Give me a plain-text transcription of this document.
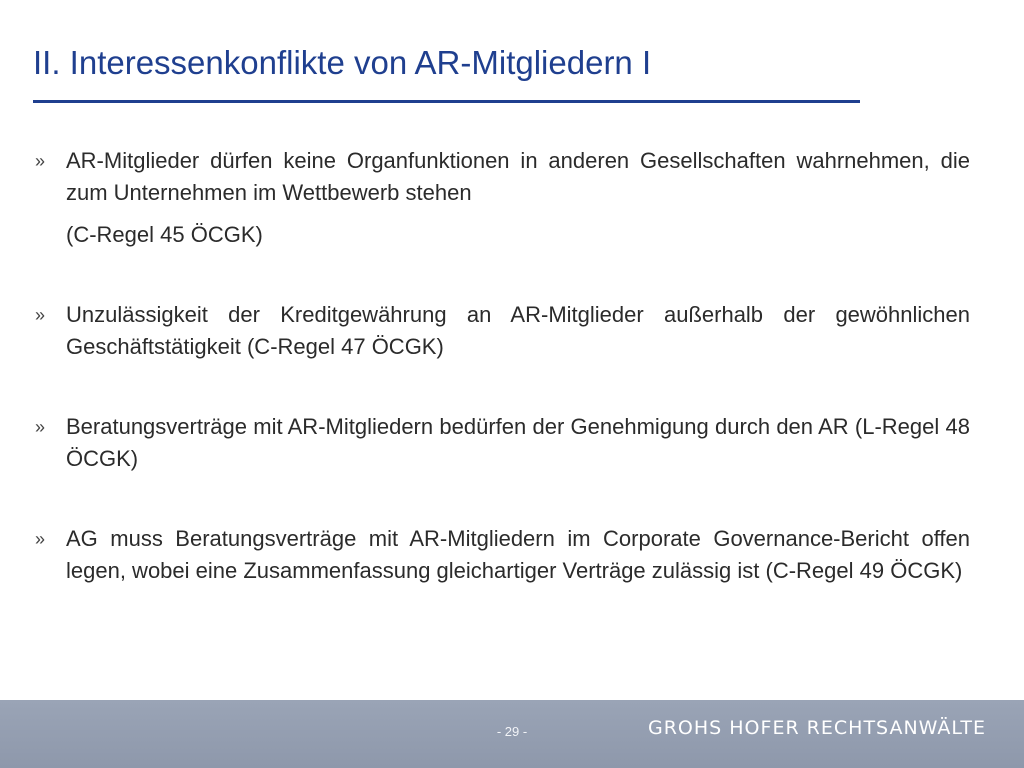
II. Interessenkonflikte von AR-Mitgliedern I
» AR-Mitglieder dürfen keine Organfunktionen in anderen Gesellschaften wahrnehmen, die zum Unternehmen im Wettbewerb stehen
(C-Regel 45 ÖCGK)
» Unzulässigkeit der Kreditgewährung an AR-Mitglieder außerhalb der gewöhnlichen Geschäftstätigkeit (C-Regel 47 ÖCGK)
» Beratungsverträge mit AR-Mitgliedern bedürfen der Genehmigung durch den AR (L-Regel 48 ÖCGK)
» AG muss Beratungsverträge mit AR-Mitgliedern im Corporate Governance-Bericht offen legen, wobei eine Zusammenfassung gleichartiger Verträge zulässig ist (C-Regel 49 ÖCGK)
- 29 -	GROHS HOFER RECHTSANWÄLTE
